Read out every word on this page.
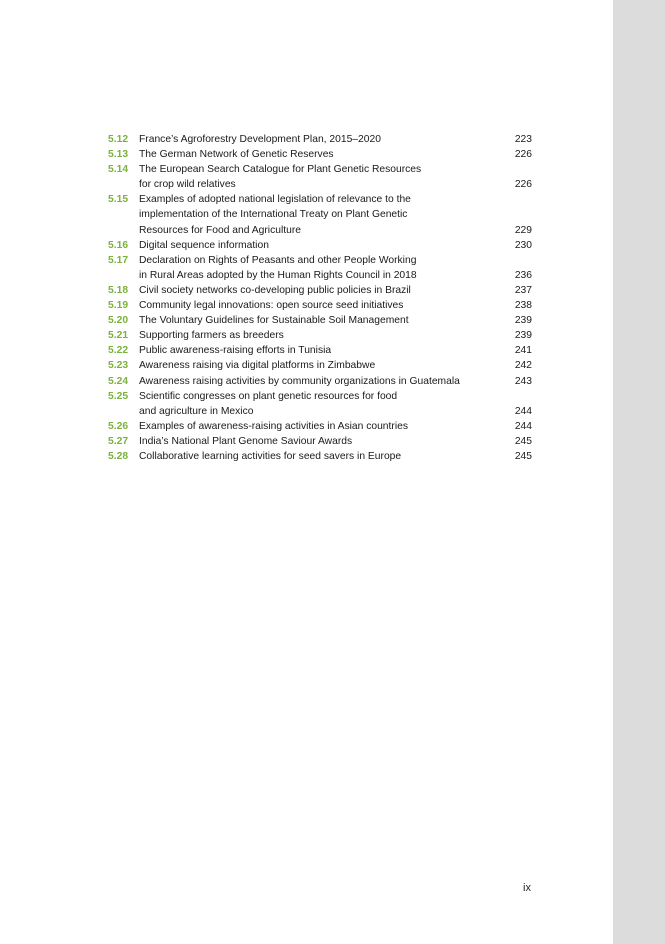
5.12	France’s Agroforestry Development Plan, 2015–2020	223
5.13	The German Network of Genetic Reserves	226
5.14	The European Search Catalogue for Plant Genetic Resources
for crop wild relatives	226
5.15	Examples of adopted national legislation of relevance to the
implementation of the International Treaty on Plant Genetic
Resources for Food and Agriculture	229
5.16	Digital sequence information	230
5.17	Declaration on Rights of Peasants and other People Working
in Rural Areas adopted by the Human Rights Council in 2018	236
5.18	Civil society networks co-developing public policies in Brazil	237
5.19	Community legal innovations: open source seed initiatives	238
5.20	The Voluntary Guidelines for Sustainable Soil Management	239
5.21	Supporting farmers as breeders	239
5.22	Public awareness-raising efforts in Tunisia	241
5.23	Awareness raising via digital platforms in Zimbabwe	242
5.24	Awareness raising activities by community organizations in Guatemala	243
5.25	Scientific congresses on plant genetic resources for food
and agriculture in Mexico	244
5.26	Examples of awareness-raising activities in Asian countries	244
5.27	India’s National Plant Genome Saviour Awards	245
5.28	Collaborative learning activities for seed savers in Europe	245
ix
